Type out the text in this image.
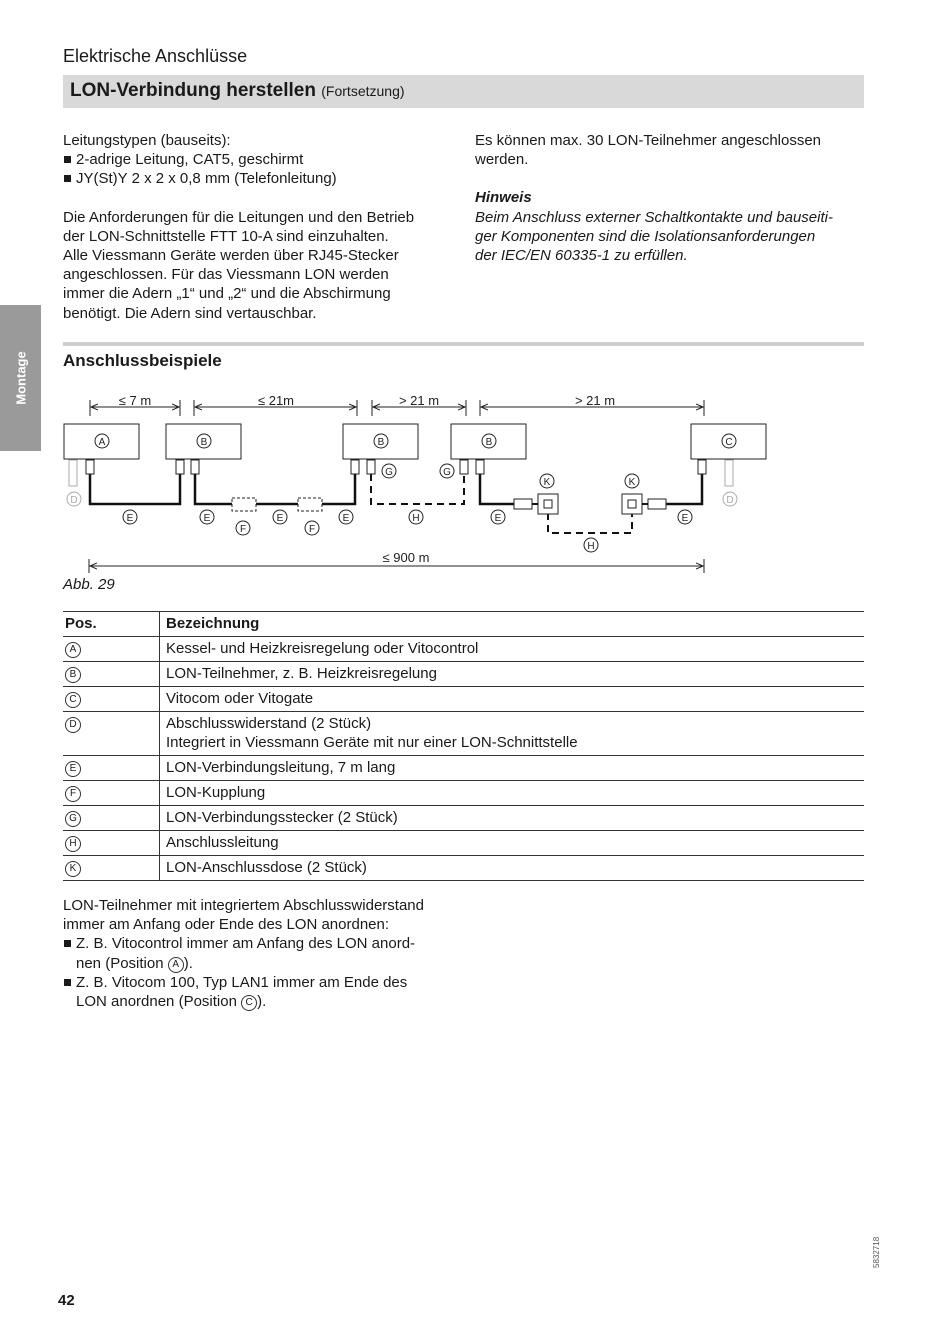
Elektrische Anschlüsse
LON-Verbindung herstellen (Fortsetzung)
Montage

Leitungstypen (bauseits):

2-adrige Leitung, CAT5, geschirmt

JY(St)Y 2 x 2 x 0,8 mm (Telefonleitung)

Die Anforderungen für die Leitungen und den Betrieb

der LON-Schnittstelle FTT 10-A sind einzuhalten.

Alle Viessmann Geräte werden über RJ45-Stecker

angeschlossen. Für das Viessmann LON werden

immer die Adern „1“ und „2“ und die Abschirmung

benötigt. Die Adern sind vertauschbar.

Es können max. 30 LON-Teilnehmer angeschlossen

werden.

Hinweis

Beim Anschluss externer Schaltkontakte und bauseiti-

ger Komponenten sind die Isolationsanforderungen

der IEC/EN 60335-1 zu erfüllen.

Anschlussbeispiele
≤ 7 m	≤ 21m	> 21 m	> 21 m
A	B	B	B	C
D	D
E	E	E	E	E	E
F	F
G	G
H
H
K	K
≤ 900 m
Abb. 29
Pos.	Bezeichnung
A	Kessel- und Heizkreisregelung oder Vitocontrol
B	LON-Teilnehmer, z. B. Heizkreisregelung
C	Vitocom oder Vitogate
D	Abschlusswiderstand (2 Stück)
Integriert in Viessmann Geräte mit nur einer LON-Schnittstelle

E	LON-Verbindungsleitung, 7 m lang
F	LON-Kupplung
G	LON-Verbindungsstecker (2 Stück)
H	Anschlussleitung
K	LON-Anschlussdose (2 Stück)

LON-Teilnehmer mit integriertem Abschlusswiderstand

immer am Anfang oder Ende des LON anordnen:

Z. B. Vitocontrol immer am Anfang des LON anord-
nen (Position A ).

Z. B. Vitocom 100, Typ LAN1 immer am Ende des
LON anordnen (Position C ).

42
5832718
